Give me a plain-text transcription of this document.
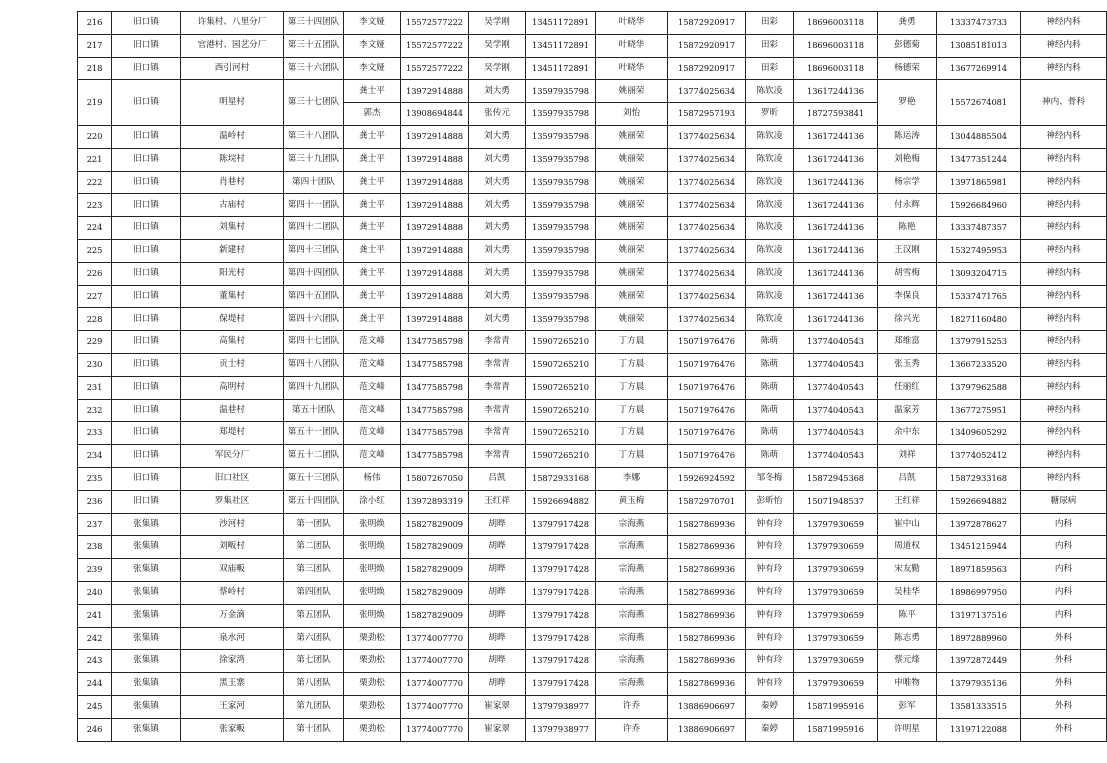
216	旧口镇	许集村、八里分厂	第三十四团队	李文娅	15572577222	吴学刚	13451172891	叶晓华	15872920917	田彩	18696003118	龚勇	13337473733	神经内科
217	旧口镇	官港村、园艺分厂	第三十五团队	李文娅	15572577222	吴学刚	13451172891	叶晓华	15872920917	田彩	18696003118	彭德菊	13085181013	神经内科
218	旧口镇	西引河村	第三十六团队	李文娅	15572577222	吴学刚	13451172891	叶晓华	15872920917	田彩	18696003118	杨德荣	13677269914	神经内科
219	旧口镇	明星村	第三十七团队	龚士平	13972914888	刘大勇	13597935798	姚丽荣	13774025634	陈钦凌	13617244136	罗艳	15572674081	神内、骨科
				郭杰	13908694844	张传元	13597935798	刘怡	15872957193	罗昕	18727593841			
220	旧口镇	温岭村	第三十八团队	龚士平	13972914888	刘大勇	13597935798	姚丽荣	13774025634	陈钦凌	13617244136	陈运涛	13044885504	神经内科
221	旧口镇	陈垸村	第三十九团队	龚士平	13972914888	刘大勇	13597935798	姚丽荣	13774025634	陈钦凌	13617244136	刘艳梅	13477351244	神经内科
222	旧口镇	肖巷村	第四十团队	龚士平	13972914888	刘大勇	13597935798	姚丽荣	13774025634	陈钦凌	13617244136	杨宗学	13971865981	神经内科
223	旧口镇	古庙村	第四十一团队	龚士平	13972914888	刘大勇	13597935798	姚丽荣	13774025634	陈钦凌	13617244136	付永辉	15926684960	神经内科
224	旧口镇	刘集村	第四十二团队	龚士平	13972914888	刘大勇	13597935798	姚丽荣	13774025634	陈钦凌	13617244136	陈艳	13337487357	神经内科
225	旧口镇	新建村	第四十三团队	龚士平	13972914888	刘大勇	13597935798	姚丽荣	13774025634	陈钦凌	13617244136	王汉刚	15327495953	神经内科
226	旧口镇	阳光村	第四十四团队	龚士平	13972914888	刘大勇	13597935798	姚丽荣	13774025634	陈钦凌	13617244136	胡雪梅	13093204715	神经内科
227	旧口镇	董集村	第四十五团队	龚士平	13972914888	刘大勇	13597935798	姚丽荣	13774025634	陈钦凌	13617244136	李保良	15337471765	神经内科
228	旧口镇	保堤村	第四十六团队	龚士平	13972914888	刘大勇	13597935798	姚丽荣	13774025634	陈钦凌	13617244136	徐兴光	18271160480	神经内科
229	旧口镇	高集村	第四十七团队	范文峰	13477585798	李常青	15907265210	丁方晨	15071976476	陈萌	13774040543	郑维富	13797915253	神经内科
230	旧口镇	贡士村	第四十八团队	范文峰	13477585798	李常青	15907265210	丁方晨	15071976476	陈萌	13774040543	张玉秀	13667233520	神经内科
231	旧口镇	高明村	第四十九团队	范文峰	13477585798	李常青	15907265210	丁方晨	15071976476	陈萌	13774040543	任丽红	13797962588	神经内科
232	旧口镇	温巷村	第五十团队	范文峰	13477585798	李常青	15907265210	丁方晨	15071976476	陈萌	13774040543	温家芳	13677275951	神经内科
233	旧口镇	郑堤村	第五十一团队	范文峰	13477585798	李常青	15907265210	丁方晨	15071976476	陈萌	13774040543	余中东	13409605292	神经内科
234	旧口镇	军民分厂	第五十二团队	范文峰	13477585798	李常青	15907265210	丁方晨	15071976476	陈萌	13774040543	刘祥	13774052412	神经内科
235	旧口镇	旧口社区	第五十三团队	杨伟	15807267050	吕凯	15872933168	李娜	15926924592	邹冬梅	15872945368	吕凯	15872933168	神经内科
236	旧口镇	罗集社区	第五十四团队	涂小红	13972893319	王红祥	15926694882	黄玉梅	15872970701	彭昕怡	15071948537	王红祥	15926694882	糖尿病
237	张集镇	沙河村	第一团队	张明焕	15827829009	胡晔	13797917428	宗海燕	15827869936	钟有玲	13797930659	崔中山	13972878627	内科
238	张集镇	刘畈村	第二团队	张明焕	15827829009	胡晔	13797917428	宗海燕	15827869936	钟有玲	13797930659	周道权	13451215944	内科
239	张集镇	双庙畈	第三团队	张明焕	15827829009	胡晔	13797917428	宗海燕	15827869936	钟有玲	13797930659	宋友勤	18971859563	内科
240	张集镇	蔡岭村	第四团队	张明焕	15827829009	胡晔	13797917428	宗海燕	15827869936	钟有玲	13797930659	吴桂华	18986997950	内科
241	张集镇	万金滴	第五团队	张明焕	15827829009	胡晔	13797917428	宗海燕	15827869936	钟有玲	13797930659	陈平	13197137516	内科
242	张集镇	泉水河	第六团队	栗劲松	13774007770	胡晔	13797917428	宗海燕	15827869936	钟有玲	13797930659	陈志勇	18972889960	外科
243	张集镇	徐家湾	第七团队	栗劲松	13774007770	胡晔	13797917428	宗海燕	15827869936	钟有玲	13797930659	蔡元烽	13972872449	外科
244	张集镇	黑王寨	第八团队	栗劲松	13774007770	胡晔	13797917428	宗海燕	15827869936	钟有玲	13797930659	申唯物	13797935136	外科
245	张集镇	王家河	第九团队	栗劲松	13774007770	崔家翠	13797938977	许乔	13886906697	秦婷	15871995916	彭军	13581333515	外科
246	张集镇	张家畈	第十团队	栗劲松	13774007770	崔家翠	13797938977	许乔	13886906697	秦婷	15871995916	许明星	13197122088	外科
